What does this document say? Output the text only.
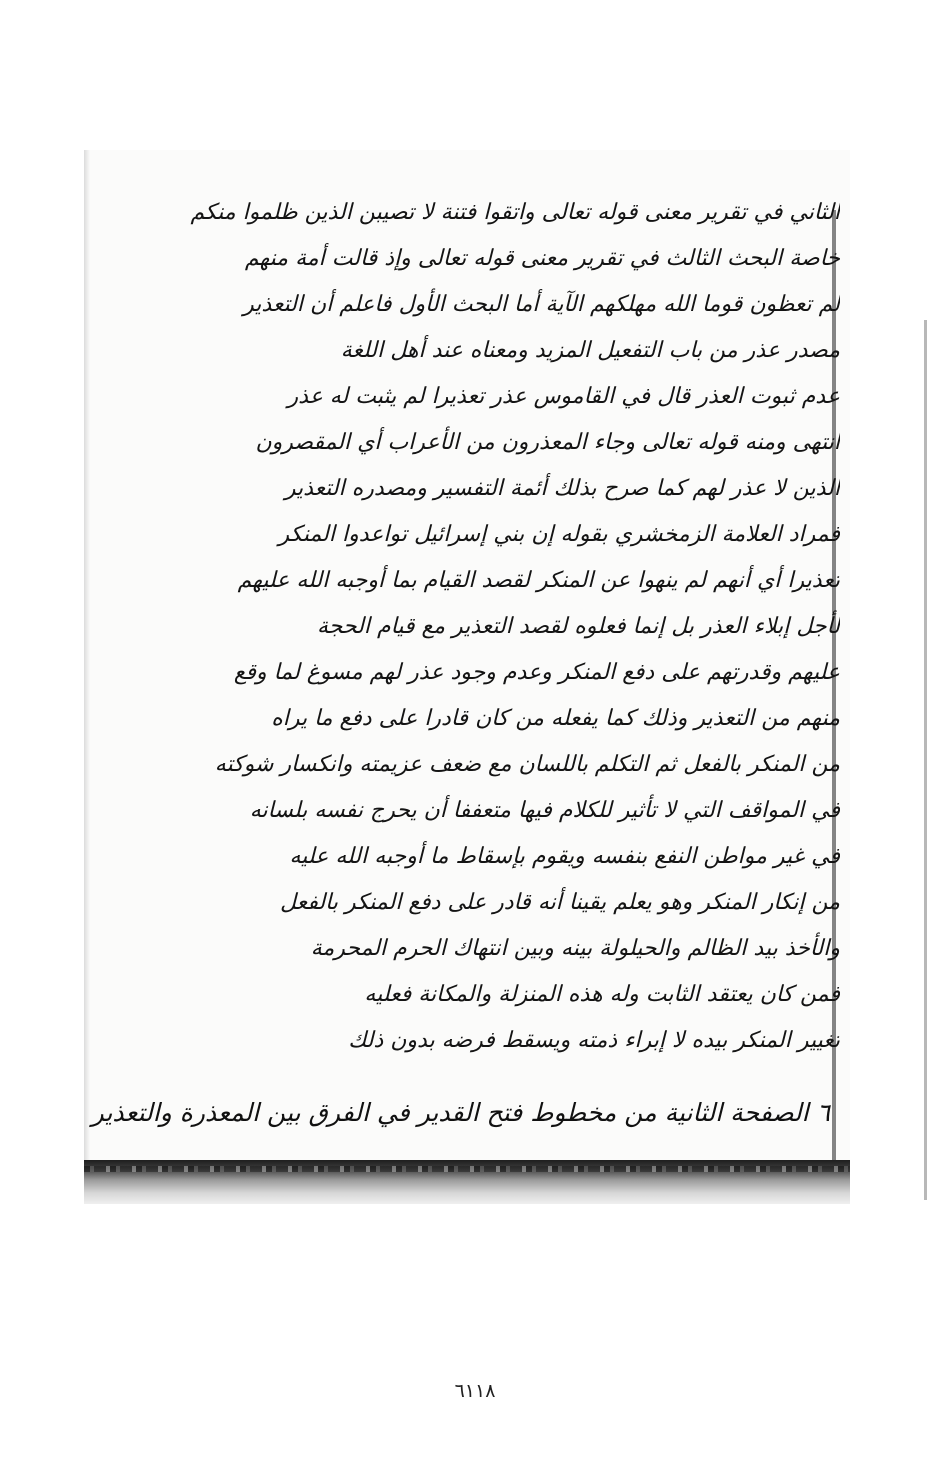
الثاني في تقرير معنى قوله تعالى واتقوا فتنة لا تصيبن الذين ظلموا منكم
خاصة البحث الثالث في تقرير معنى قوله تعالى وإذ قالت أمة منهم
لم تعظون قوما الله مهلكهم الآية أما البحث الأول فاعلم أن التعذير
مصدر عذر من باب التفعيل المزيد ومعناه عند أهل اللغة
عدم ثبوت العذر قال في القاموس عذر تعذيرا لم يثبت له عذر
انتهى ومنه قوله تعالى وجاء المعذرون من الأعراب أي المقصرون
الذين لا عذر لهم كما صرح بذلك أئمة التفسير ومصدره التعذير
فمراد العلامة الزمخشري بقوله إن بني إسرائيل تواعدوا المنكر
تعذيرا أي أنهم لم ينهوا عن المنكر لقصد القيام بما أوجبه الله عليهم
لأجل إبلاء العذر بل إنما فعلوه لقصد التعذير مع قيام الحجة
عليهم وقدرتهم على دفع المنكر وعدم وجود عذر لهم مسوغ لما وقع
منهم من التعذير وذلك كما يفعله من كان قادرا على دفع ما يراه
من المنكر بالفعل ثم التكلم باللسان مع ضعف عزيمته وانكسار شوكته
في المواقف التي لا تأثير للكلام فيها متعففا أن يحرج نفسه بلسانه
في غير مواطن النفع بنفسه ويقوم بإسقاط ما أوجبه الله عليه
من إنكار المنكر وهو يعلم يقينا أنه قادر على دفع المنكر بالفعل
والأخذ بيد الظالم والحيلولة بينه وبين انتهاك الحرم المحرمة
فمن كان يعتقد الثابت وله هذه المنزلة والمكانة فعليه
تغيير المنكر بيده لا إبراء ذمته ويسقط فرضه بدون ذلك
٦ الصفحة الثانية من مخطوط فتح القدير في الفرق بين المعذرة والتعذير
٦١١٨
